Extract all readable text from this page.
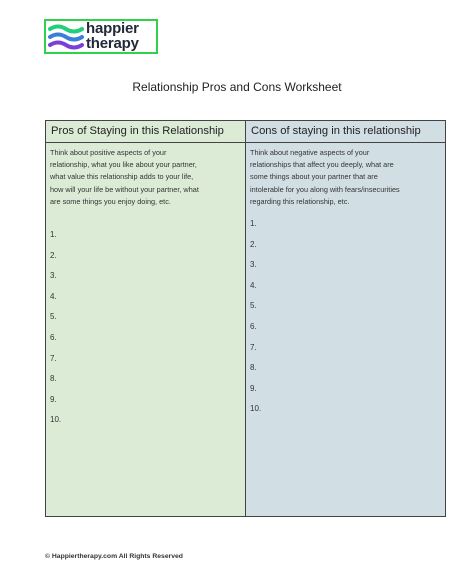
happier
therapy
Relationship Pros and Cons Worksheet
Pros of Staying in this Relationship
Think about positive aspects of your
relationship, what you like about your partner,
what value this relationship adds to your life,
how will your life be without your partner, what
are some things you enjoy doing, etc.
1.
2.
3.
4.
5.
6.
7.
8.
9.
10.
Cons of staying in this relationship
Think about negative aspects of your
relationships that affect you deeply, what are
some things about your partner that are
intolerable for you along with fears/insecurities
regarding this relationship, etc.
1.
2.
3.
4.
5.
6.
7.
8.
9.
10.
© Happiertherapy.com All Rights Reserved
